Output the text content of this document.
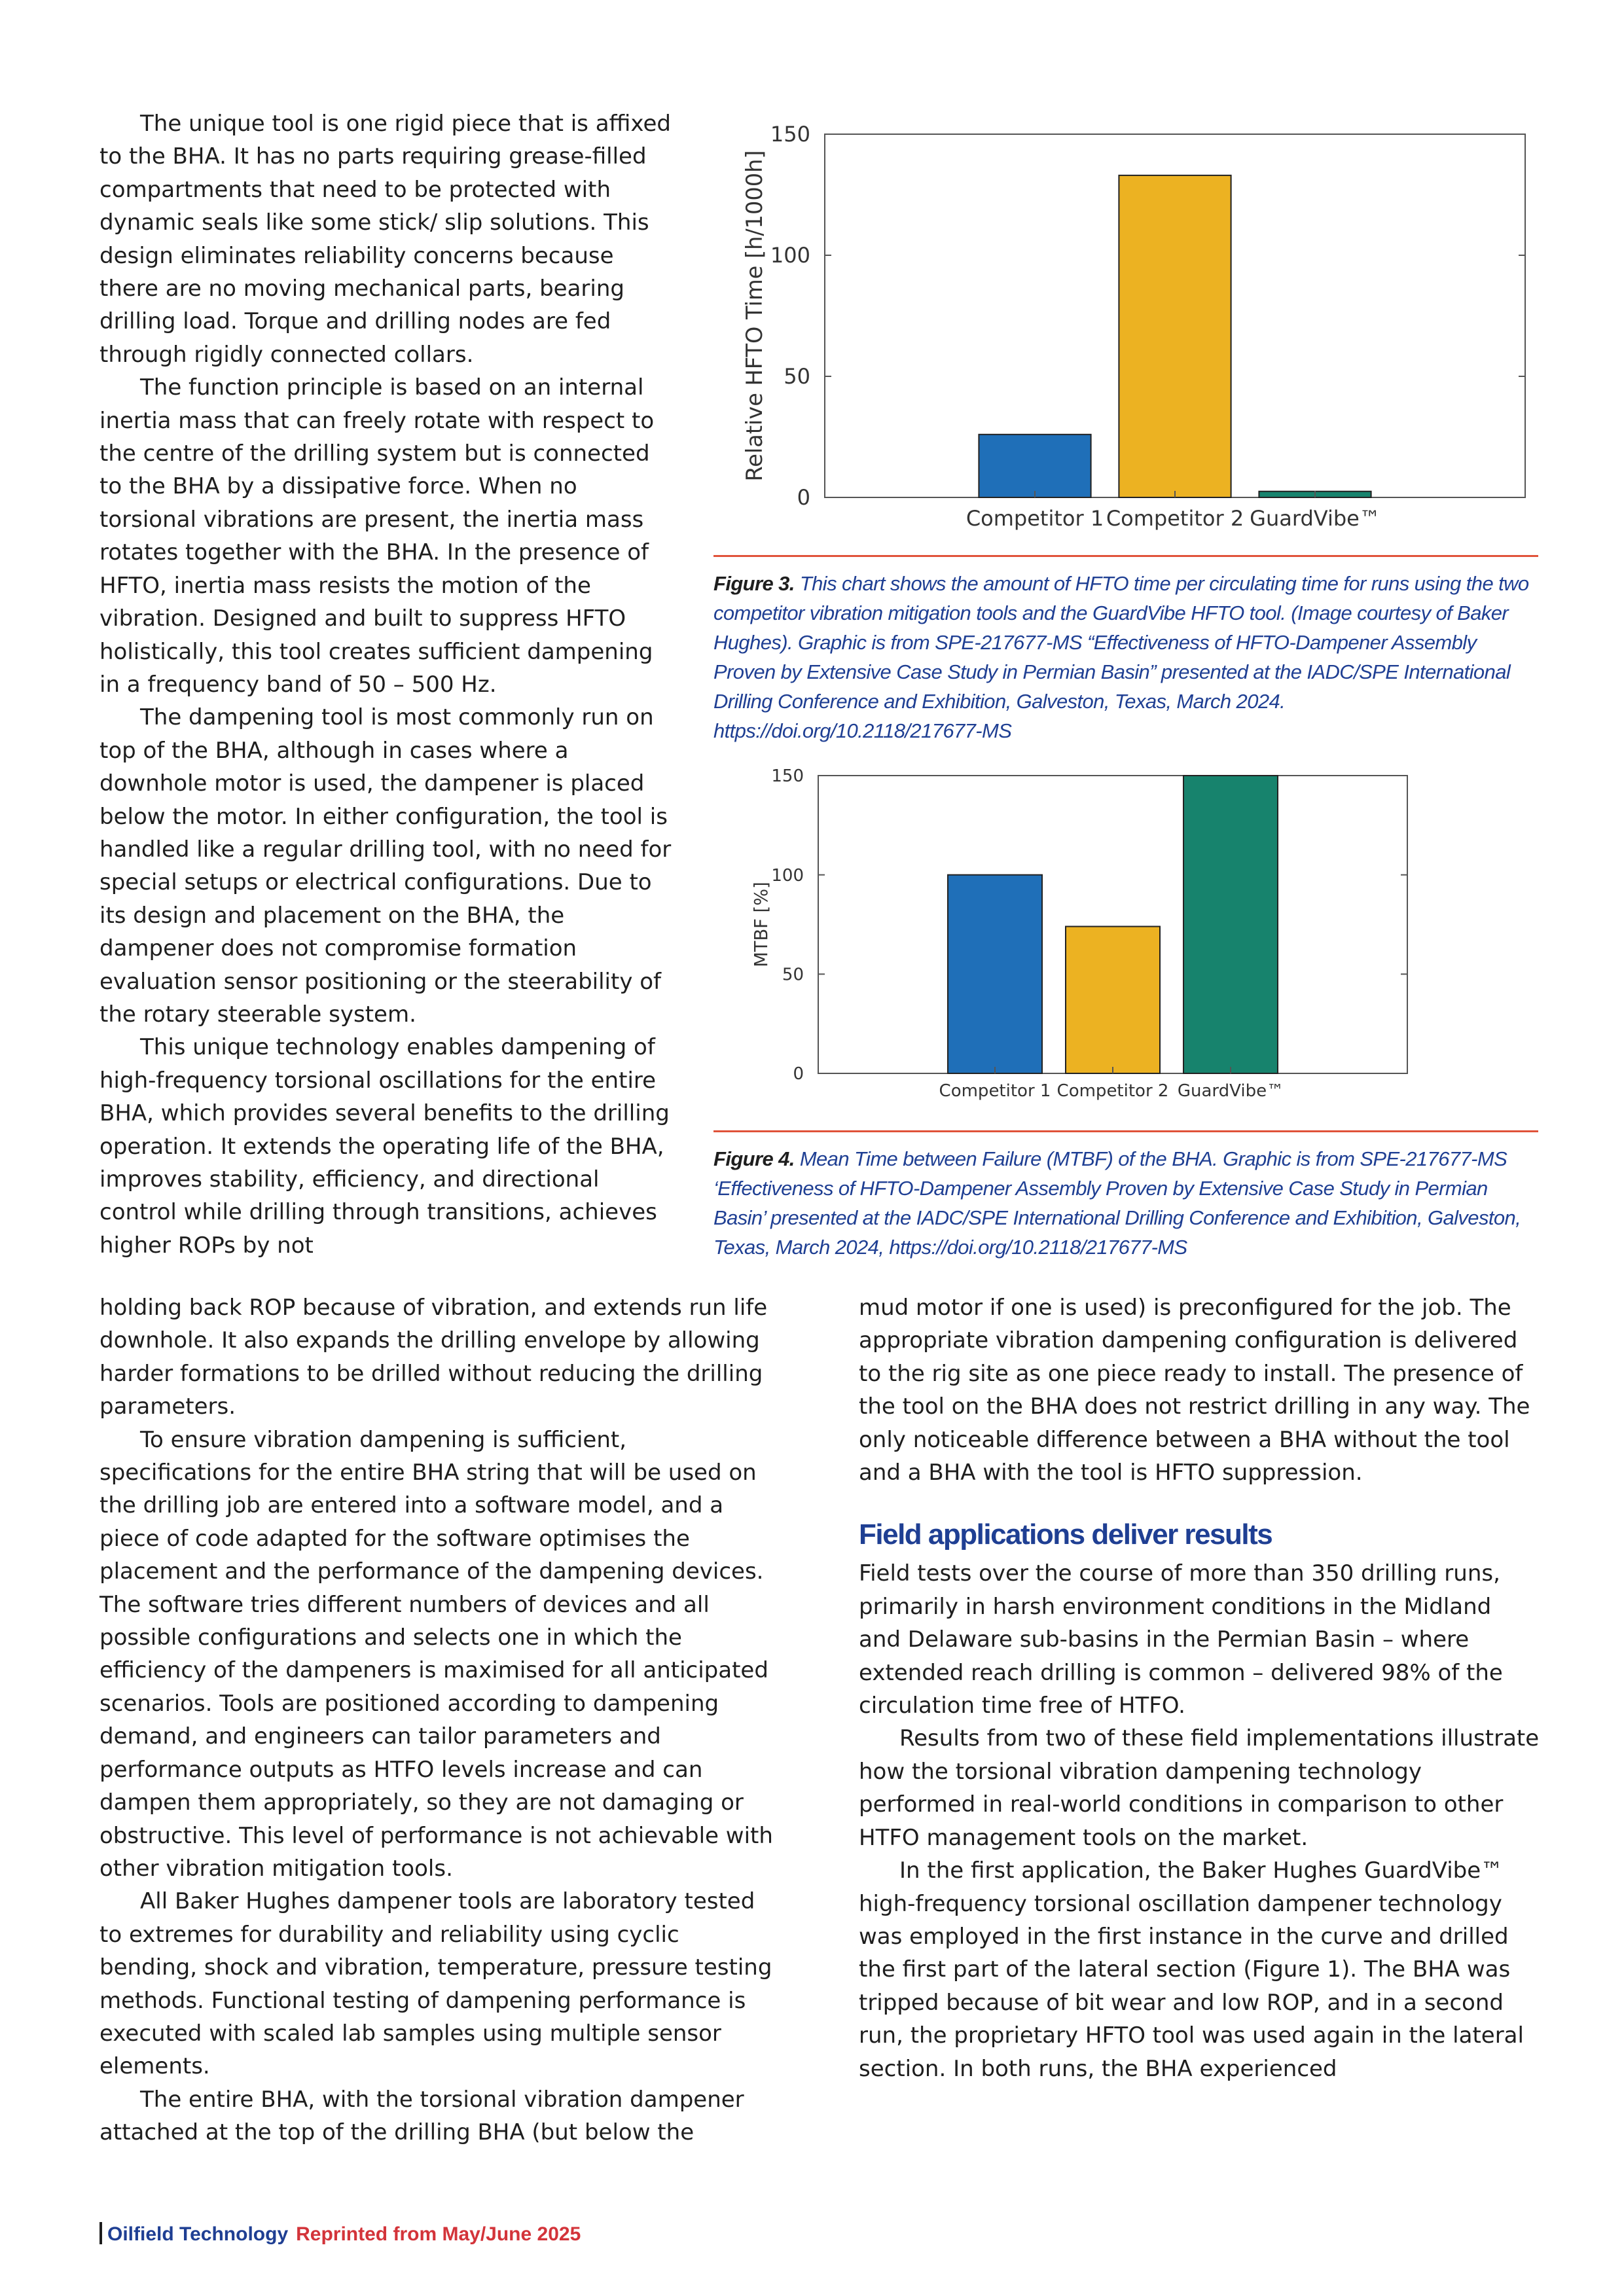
The unique tool is one rigid piece that is affixed to the BHA. It has no parts requiring grease-filled compartments that need to be protected with dynamic seals like some stick/ slip solutions. This design eliminates reliability concerns because there are no moving mechanical parts, bearing drilling load. Torque and drilling nodes are fed through rigidly connected collars.

The function principle is based on an internal inertia mass that can freely rotate with respect to the centre of the drilling system but is connected to the BHA by a dissipative force. When no torsional vibrations are present, the inertia mass rotates together with the BHA. In the presence of HFTO, inertia mass resists the motion of the vibration. Designed and built to suppress HFTO holistically, this tool creates sufficient dampening in a frequency band of 50 – 500 Hz.

The dampening tool is most commonly run on top of the BHA, although in cases where a downhole motor is used, the dampener is placed below the motor. In either configuration, the tool is handled like a regular drilling tool, with no need for special setups or electrical configurations. Due to its design and placement on the BHA, the dampener does not compromise formation evaluation sensor positioning or the steerability of the rotary steerable system.

This unique technology enables dampening of high-frequency torsional oscillations for the entire BHA, which provides several benefits to the drilling operation. It extends the operating life of the BHA, improves stability, efficiency, and directional control while drilling through transitions, achieves higher ROPs by not

0
50
100
150
Competitor 1 Competitor 2 GuardVibe™
Relative HFTO Time [h/1000h]
Figure 3. This chart shows the amount of HFTO time per circulating time for runs using the two competitor vibration mitigation tools and the GuardVibe HFTO tool. (Image courtesy of Baker Hughes). Graphic is from SPE-217677-MS “Effectiveness of HFTO-Dampener Assembly Proven by Extensive Case Study in Permian Basin” presented at the IADC/SPE International Drilling Conference and Exhibition, Galveston, Texas, March 2024. https://doi.org/10.2118/217677-MS
0
50
100
150
Competitor 1 Competitor 2 GuardVibe™
MTBF [%]
Figure 4. Mean Time between Failure (MTBF) of the BHA. Graphic is from SPE-217677-MS ‘Effectiveness of HFTO-Dampener Assembly Proven by Extensive Case Study in Permian Basin’ presented at the IADC/SPE International Drilling Conference and Exhibition, Galveston, Texas, March 2024, https://doi.org/10.2118/217677-MS

holding back ROP because of vibration, and extends run life downhole. It also expands the drilling envelope by allowing harder formations to be drilled without reducing the drilling parameters.

To ensure vibration dampening is sufficient, specifications for the entire BHA string that will be used on the drilling job are entered into a software model, and a piece of code adapted for the software optimises the placement and the performance of the dampening devices. The software tries different numbers of devices and all possible configurations and selects one in which the efficiency of the dampeners is maximised for all anticipated scenarios. Tools are positioned according to dampening demand, and engineers can tailor parameters and performance outputs as HTFO levels increase and can dampen them appropriately, so they are not damaging or obstructive. This level of performance is not achievable with other vibration mitigation tools.

All Baker Hughes dampener tools are laboratory tested to extremes for durability and reliability using cyclic bending, shock and vibration, temperature, pressure testing methods. Functional testing of dampening performance is executed with scaled lab samples using multiple sensor elements.

The entire BHA, with the torsional vibration dampener attached at the top of the drilling BHA (but below the

mud motor if one is used) is preconfigured for the job. The appropriate vibration dampening configuration is delivered to the rig site as one piece ready to install. The presence of the tool on the BHA does not restrict drilling in any way. The only noticeable difference between a BHA without the tool and a BHA with the tool is HFTO suppression.

Field applications deliver results

Field tests over the course of more than 350 drilling runs, primarily in harsh environment conditions in the Midland and Delaware sub-basins in the Permian Basin – where extended reach drilling is common – delivered 98% of the circulation time free of HTFO.

Results from two of these field implementations illustrate how the torsional vibration dampening technology performed in real-world conditions in comparison to other HTFO management tools on the market.

In the first application, the Baker Hughes GuardVibe™ high-frequency torsional oscillation dampener technology was employed in the first instance in the curve and drilled the first part of the lateral section (Figure 1). The BHA was tripped because of bit wear and low ROP, and in a second run, the proprietary HFTO tool was used again in the lateral section. In both runs, the BHA experienced

Oilfield Technology Reprinted from May/June 2025
